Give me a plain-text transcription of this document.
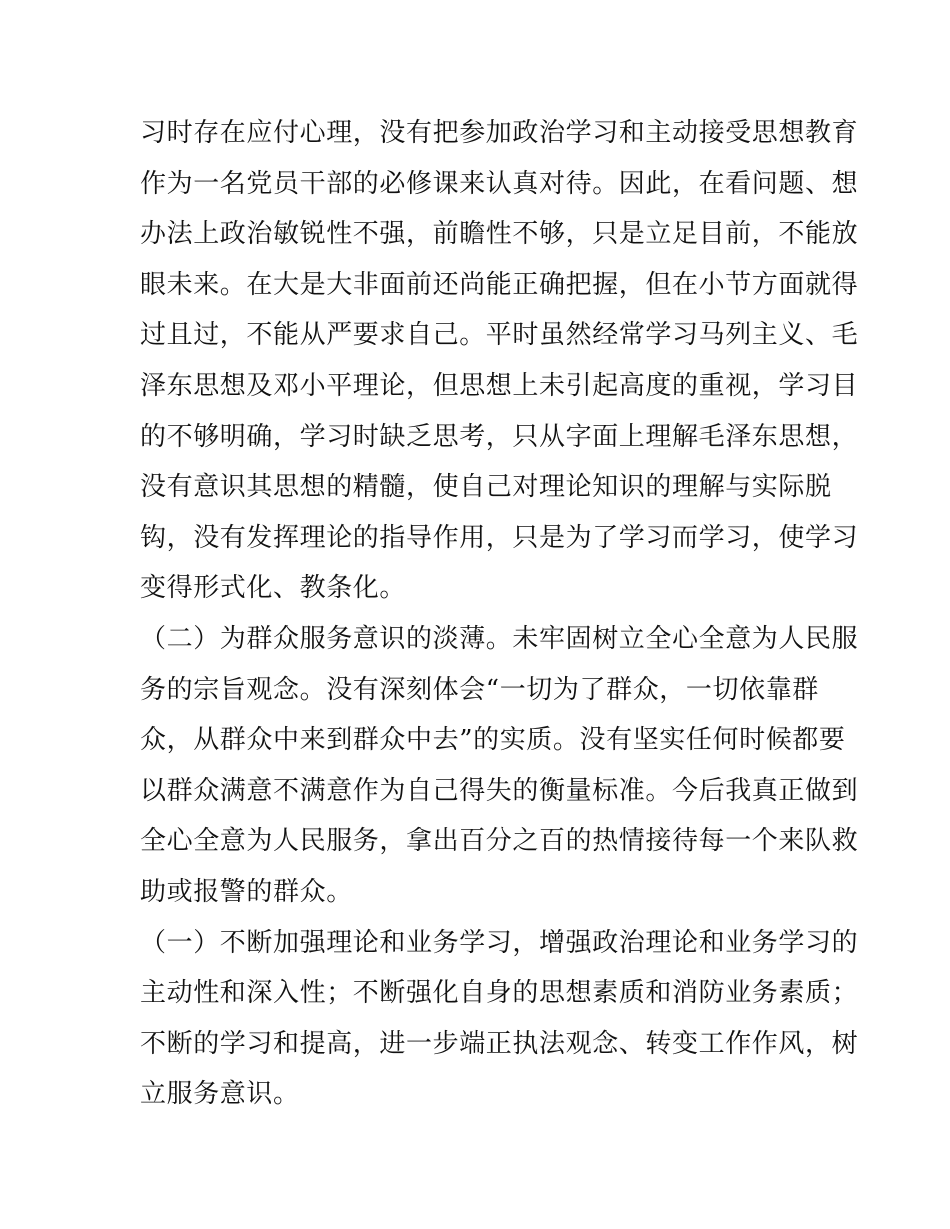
习时存在应付心理，没有把参加政治学习和主动接受思想教育
作为一名党员干部的必修课来认真对待。因此，在看问题、想
办法上政治敏锐性不强，前瞻性不够，只是立足目前，不能放
眼未来。在大是大非面前还尚能正确把握，但在小节方面就得
过且过，不能从严要求自己。平时虽然经常学习马列主义、毛
泽东思想及邓小平理论，但思想上未引起高度的重视，学习目
的不够明确，学习时缺乏思考，只从字面上理解毛泽东思想，
没有意识其思想的精髓，使自己对理论知识的理解与实际脱
钩，没有发挥理论的指导作用，只是为了学习而学习，使学习
变得形式化、教条化。
（二）为群众服务意识的淡薄。未牢固树立全心全意为人民服
务的宗旨观念。没有深刻体会“一切为了群众，一切依靠群
众，从群众中来到群众中去”的实质。没有坚实任何时候都要
以群众满意不满意作为自己得失的衡量标准。今后我真正做到
全心全意为人民服务，拿出百分之百的热情接待每一个来队救
助或报警的群众。
（一）不断加强理论和业务学习，增强政治理论和业务学习的
主动性和深入性；不断强化自身的思想素质和消防业务素质；
不断的学习和提高，进一步端正执法观念、转变工作作风，树
立服务意识。
